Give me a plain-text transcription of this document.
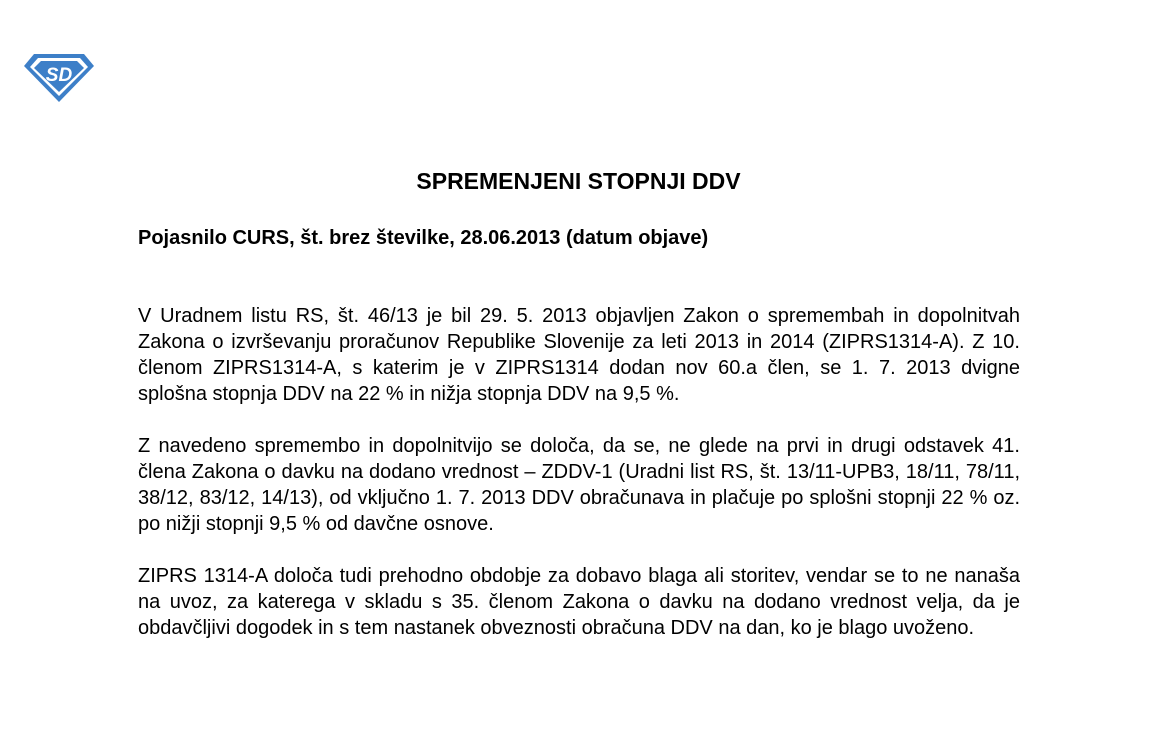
SD
SPREMENJENI STOPNJI DDV
Pojasnilo CURS, št. brez številke, 28.06.2013 (datum objave)

V Uradnem listu RS, št. 46/13 je bil 29. 5. 2013 objavljen Zakon o spremembah in dopolnitvah Zakona o izvrševanju proračunov Republike Slovenije za leti 2013 in 2014 (ZIPRS1314-A). Z 10. členom ZIPRS1314-A, s katerim je v ZIPRS1314 dodan nov 60.a člen, se 1. 7. 2013 dvigne splošna stopnja DDV na 22 % in nižja stopnja DDV na 9,5 %.

Z navedeno spremembo in dopolnitvijo se določa, da se, ne glede na prvi in drugi odstavek 41. člena Zakona o davku na dodano vrednost – ZDDV-1 (Uradni list RS, št. 13/11-UPB3, 18/11, 78/11, 38/12, 83/12, 14/13), od vključno 1. 7. 2013 DDV obračunava in plačuje po splošni stopnji 22 % oz. po nižji stopnji 9,5 % od davčne osnove.

ZIPRS 1314-A določa tudi prehodno obdobje za dobavo blaga ali storitev, vendar se to ne nanaša na uvoz, za katerega v skladu s 35. členom Zakona o davku na dodano vrednost velja, da je obdavčljivi dogodek in s tem nastanek obveznosti obračuna DDV na dan, ko je blago uvoženo.
